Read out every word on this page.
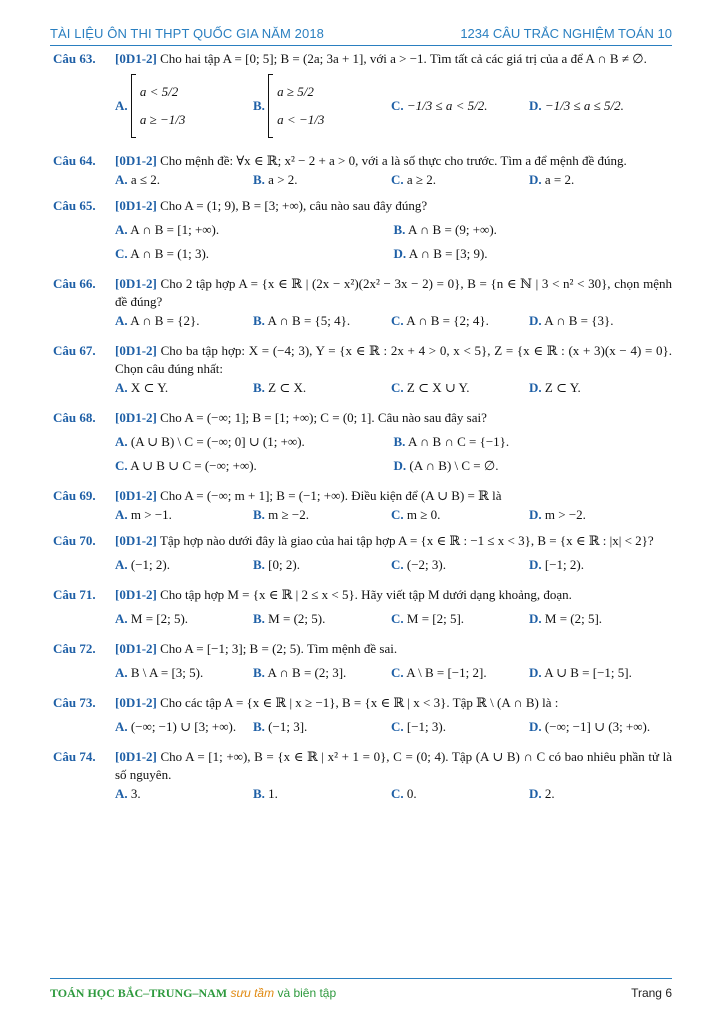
TÀI LIỆU ÔN THI THPT QUỐC GIA NĂM 2018	1234 CÂU TRẮC NGHIỆM TOÁN 10
Câu 63.	[0D1-2] Cho hai tập A = [0; 5]; B = (2a; 3a + 1], với a > −1. Tìm tất cả các giá trị của a để A ∩ B ≠ ∅.
A.

a < 5/2
a ≥ −1/3
B.

a ≥ 5/2
a < −1/3
C. −1/3 ≤ a < 5/2.	D. −1/3 ≤ a ≤ 5/2.
Câu 64.	[0D1-2] Cho mệnh đề: ∀x ∈ ℝ; x² − 2 + a > 0, với a là số thực cho trước. Tìm a để mệnh đề đúng.
A. a ≤ 2.	B. a > 2.	C. a ≥ 2.	D. a = 2.
Câu 65.	[0D1-2] Cho A = (1; 9), B = [3; +∞), câu nào sau đây đúng?
A. A ∩ B = [1; +∞).	B. A ∩ B = (9; +∞).
C. A ∩ B = (1; 3).	D. A ∩ B = [3; 9).
Câu 66.	[0D1-2] Cho 2 tập hợp A = {x ∈ ℝ | (2x − x²)(2x² − 3x − 2) = 0}, B = {n ∈ ℕ | 3 < n² < 30}, chọn mệnh đề đúng?
A. A ∩ B = {2}.	B. A ∩ B = {5; 4}.	C. A ∩ B = {2; 4}.	D. A ∩ B = {3}.
Câu 67.	[0D1-2] Cho ba tập hợp: X = (−4; 3), Y = {x ∈ ℝ : 2x + 4 > 0, x < 5}, Z = {x ∈ ℝ : (x + 3)(x − 4) = 0}. Chọn câu đúng nhất:
A. X ⊂ Y.	B. Z ⊂ X.	C. Z ⊂ X ∪ Y.	D. Z ⊂ Y.
Câu 68.	[0D1-2] Cho A = (−∞; 1]; B = [1; +∞); C = (0; 1]. Câu nào sau đây sai?
A. (A ∪ B) \ C = (−∞; 0] ∪ (1; +∞).	B. A ∩ B ∩ C = {−1}.
C. A ∪ B ∪ C = (−∞; +∞).	D. (A ∩ B) \ C = ∅.
Câu 69.	[0D1-2] Cho A = (−∞; m + 1]; B = (−1; +∞). Điều kiện để (A ∪ B) = ℝ là
A. m > −1.	B. m ≥ −2.	C. m ≥ 0.	D. m > −2.
Câu 70.	[0D1-2] Tập hợp nào dưới đây là giao của hai tập hợp A = {x ∈ ℝ : −1 ≤ x < 3}, B = {x ∈ ℝ : |x| < 2}?
A. (−1; 2).	B. [0; 2).	C. (−2; 3).	D. [−1; 2).
Câu 71.	[0D1-2] Cho tập hợp M = {x ∈ ℝ | 2 ≤ x < 5}. Hãy viết tập M dưới dạng khoảng, đoạn.
A. M = [2; 5).	B. M = (2; 5).	C. M = [2; 5].	D. M = (2; 5].
Câu 72.	[0D1-2] Cho A = [−1; 3]; B = (2; 5). Tìm mệnh đề sai.
A. B \ A = [3; 5).	B. A ∩ B = (2; 3].	C. A \ B = [−1; 2].	D. A ∪ B = [−1; 5].
Câu 73.	[0D1-2] Cho các tập A = {x ∈ ℝ | x ≥ −1}, B = {x ∈ ℝ | x < 3}. Tập ℝ \ (A ∩ B) là :
A. (−∞; −1) ∪ [3; +∞).	B. (−1; 3].	C. [−1; 3).	D. (−∞; −1] ∪ (3; +∞).
Câu 74.	[0D1-2] Cho A = [1; +∞), B = {x ∈ ℝ | x² + 1 = 0}, C = (0; 4). Tập (A ∪ B) ∩ C có bao nhiêu phần tử là số nguyên.
A. 3.	B. 1.	C. 0.	D. 2.
TOÁN HỌC BẮC–TRUNG–NAM sưu tầm và biên tập	Trang 6
